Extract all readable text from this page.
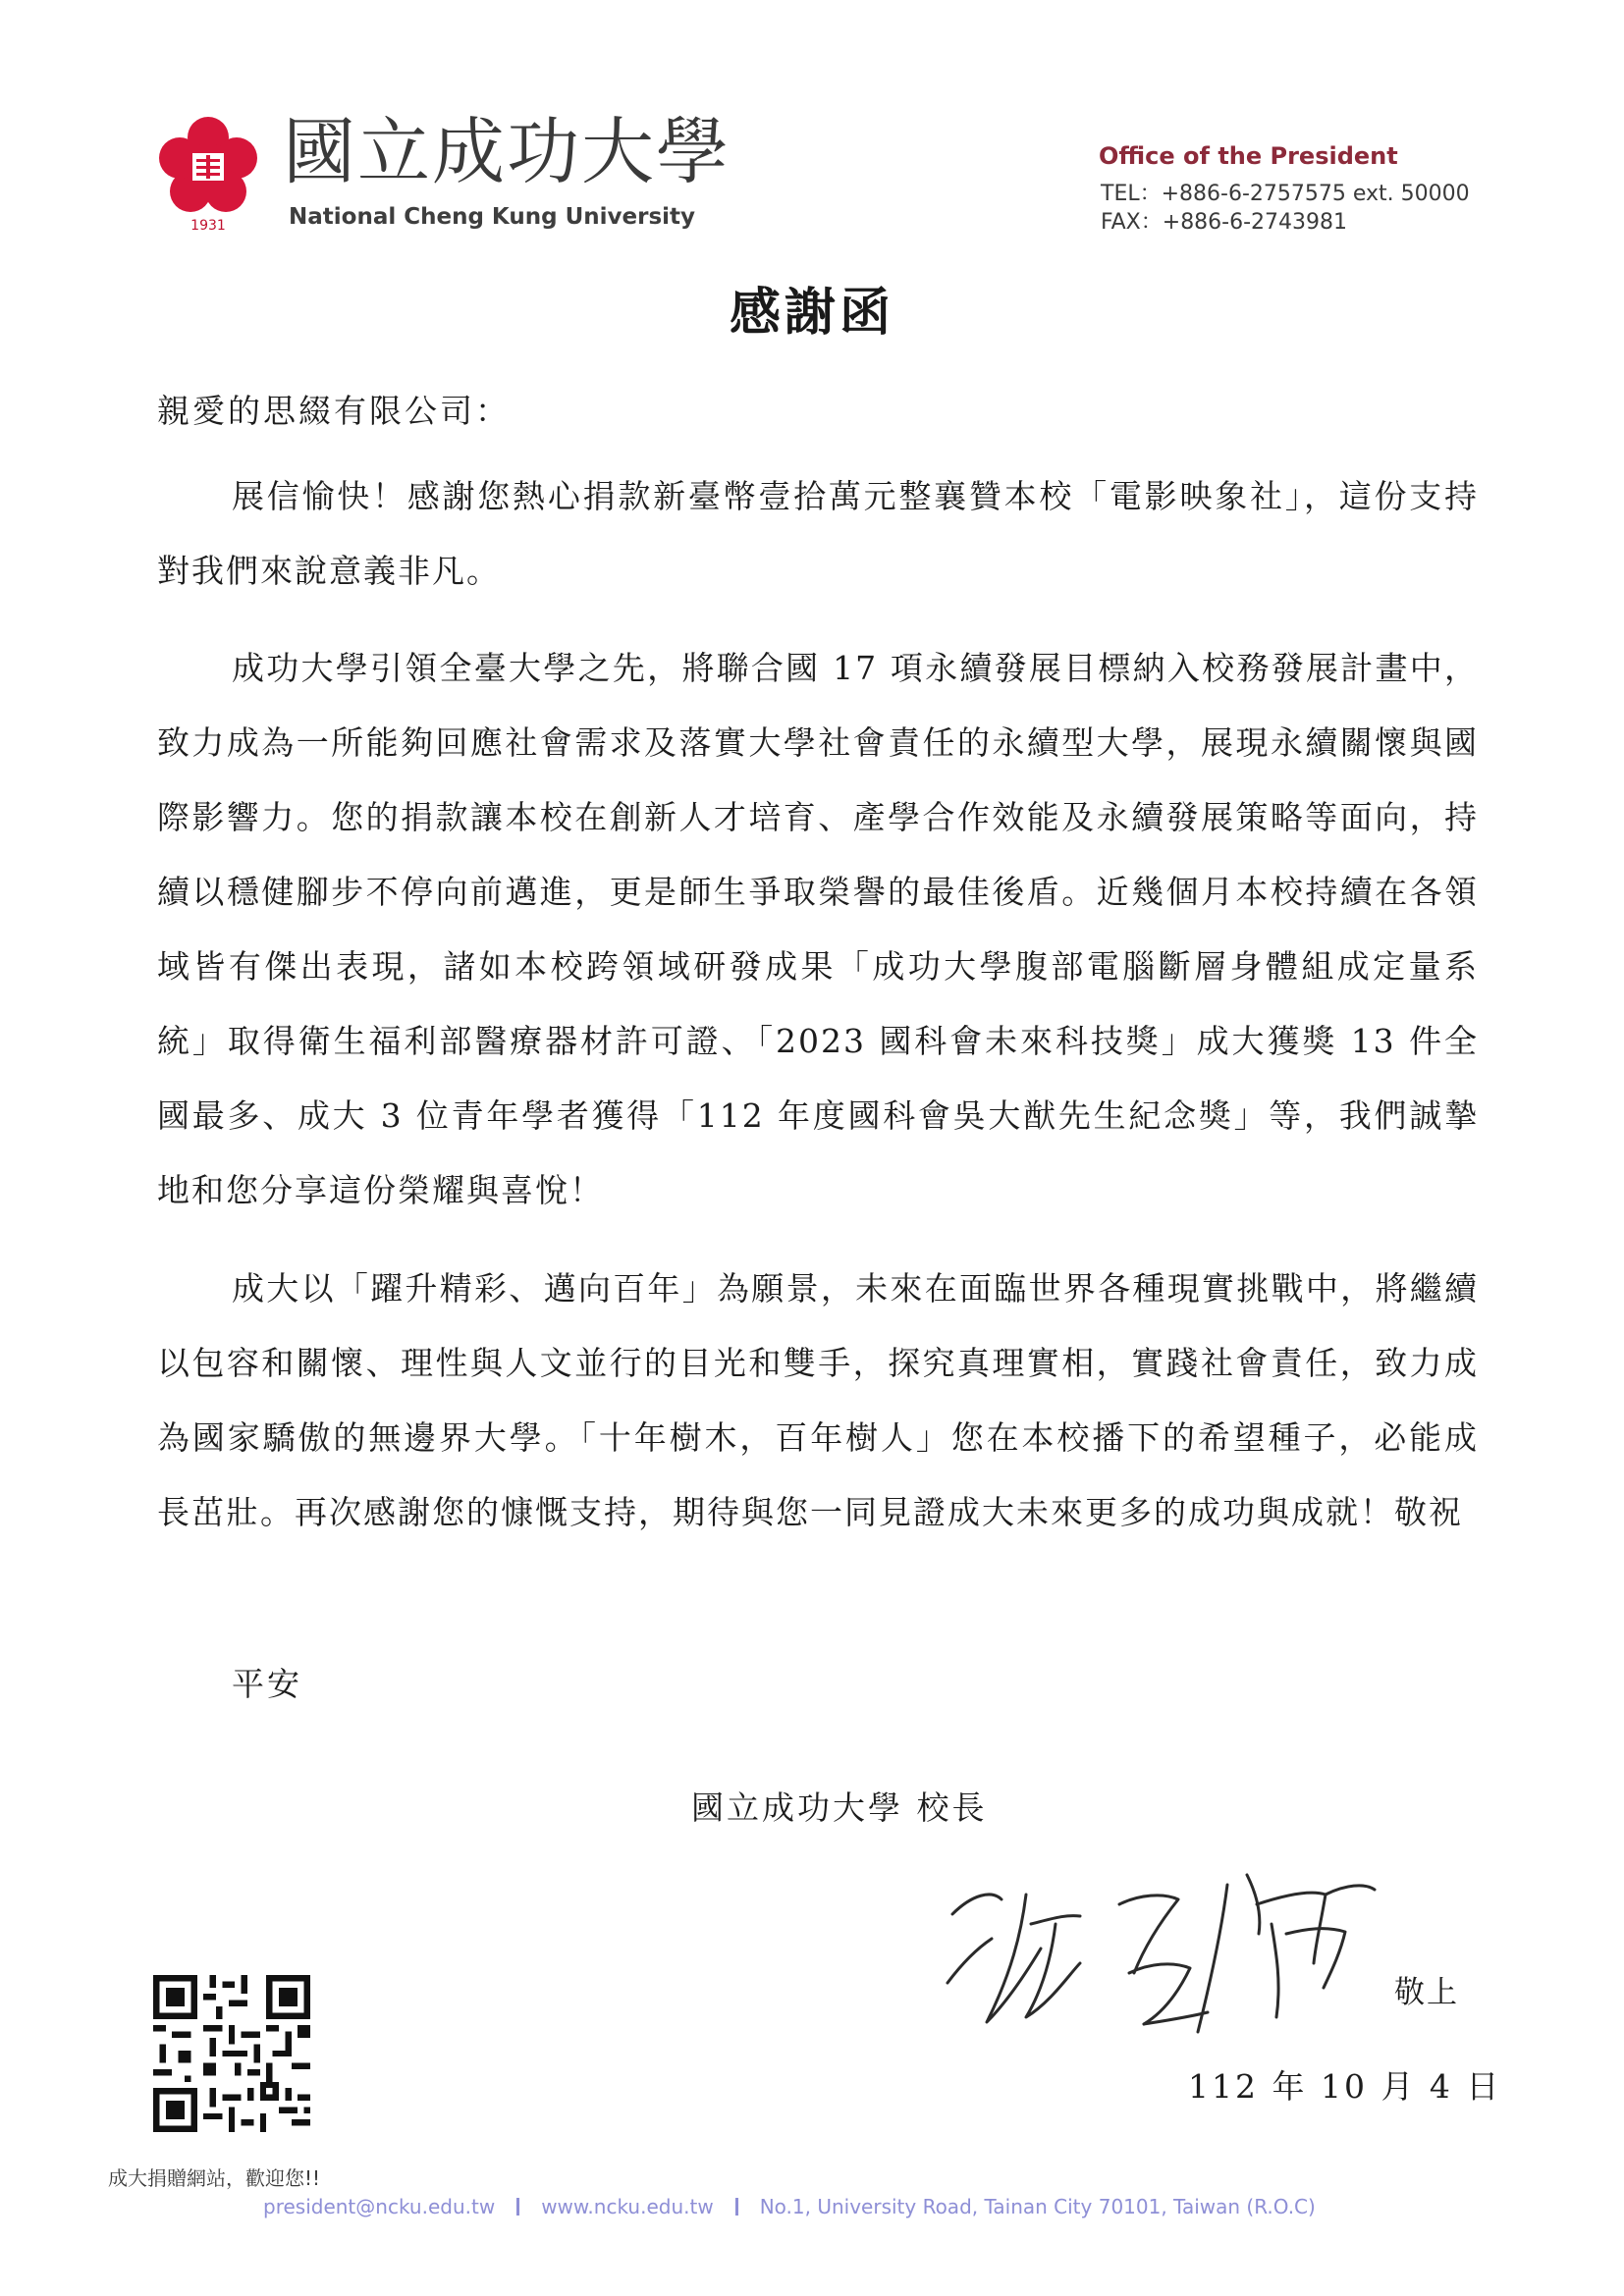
1931
國立成功大學
National Cheng Kung University
Office of the President
TEL：+886-6-2757575 ext. 50000
FAX：+886-6-2743981
感謝函
親愛的思綴有限公司：
展信愉快！感謝您熱心捐款新臺幣壹拾萬元整襄贊本校「電影映象社」，這份支持對我們來說意義非凡。
成功大學引領全臺大學之先，將聯合國 17 項永續發展目標納入校務發展計畫中，致力成為一所能夠回應社會需求及落實大學社會責任的永續型大學，展現永續關懷與國際影響力。您的捐款讓本校在創新人才培育、產學合作效能及永續發展策略等面向，持續以穩健腳步不停向前邁進，更是師生爭取榮譽的最佳後盾。近幾個月本校持續在各領域皆有傑出表現，諸如本校跨領域研發成果「成功大學腹部電腦斷層身體組成定量系統」取得衛生福利部醫療器材許可證、「2023 國科會未來科技獎」成大獲獎 13 件全國最多、成大 3 位青年學者獲得「112 年度國科會吳大猷先生紀念獎」等，我們誠摯地和您分享這份榮耀與喜悅！
成大以「躍升精彩、邁向百年」為願景，未來在面臨世界各種現實挑戰中，將繼續以包容和關懷、理性與人文並行的目光和雙手，探究真理實相，實踐社會責任，致力成為國家驕傲的無邊界大學。「十年樹木，百年樹人」您在本校播下的希望種子，必能成長茁壯。再次感謝您的慷慨支持，期待與您一同見證成大未來更多的成功與成就！敬祝
平安
國立成功大學 校長
敬上
112 年 10 月 4 日
成大捐贈網站，歡迎您!!
president@ncku.edu.tw www.ncku.edu.tw No.1, University Road, Tainan City 70101, Taiwan (R.O.C)
